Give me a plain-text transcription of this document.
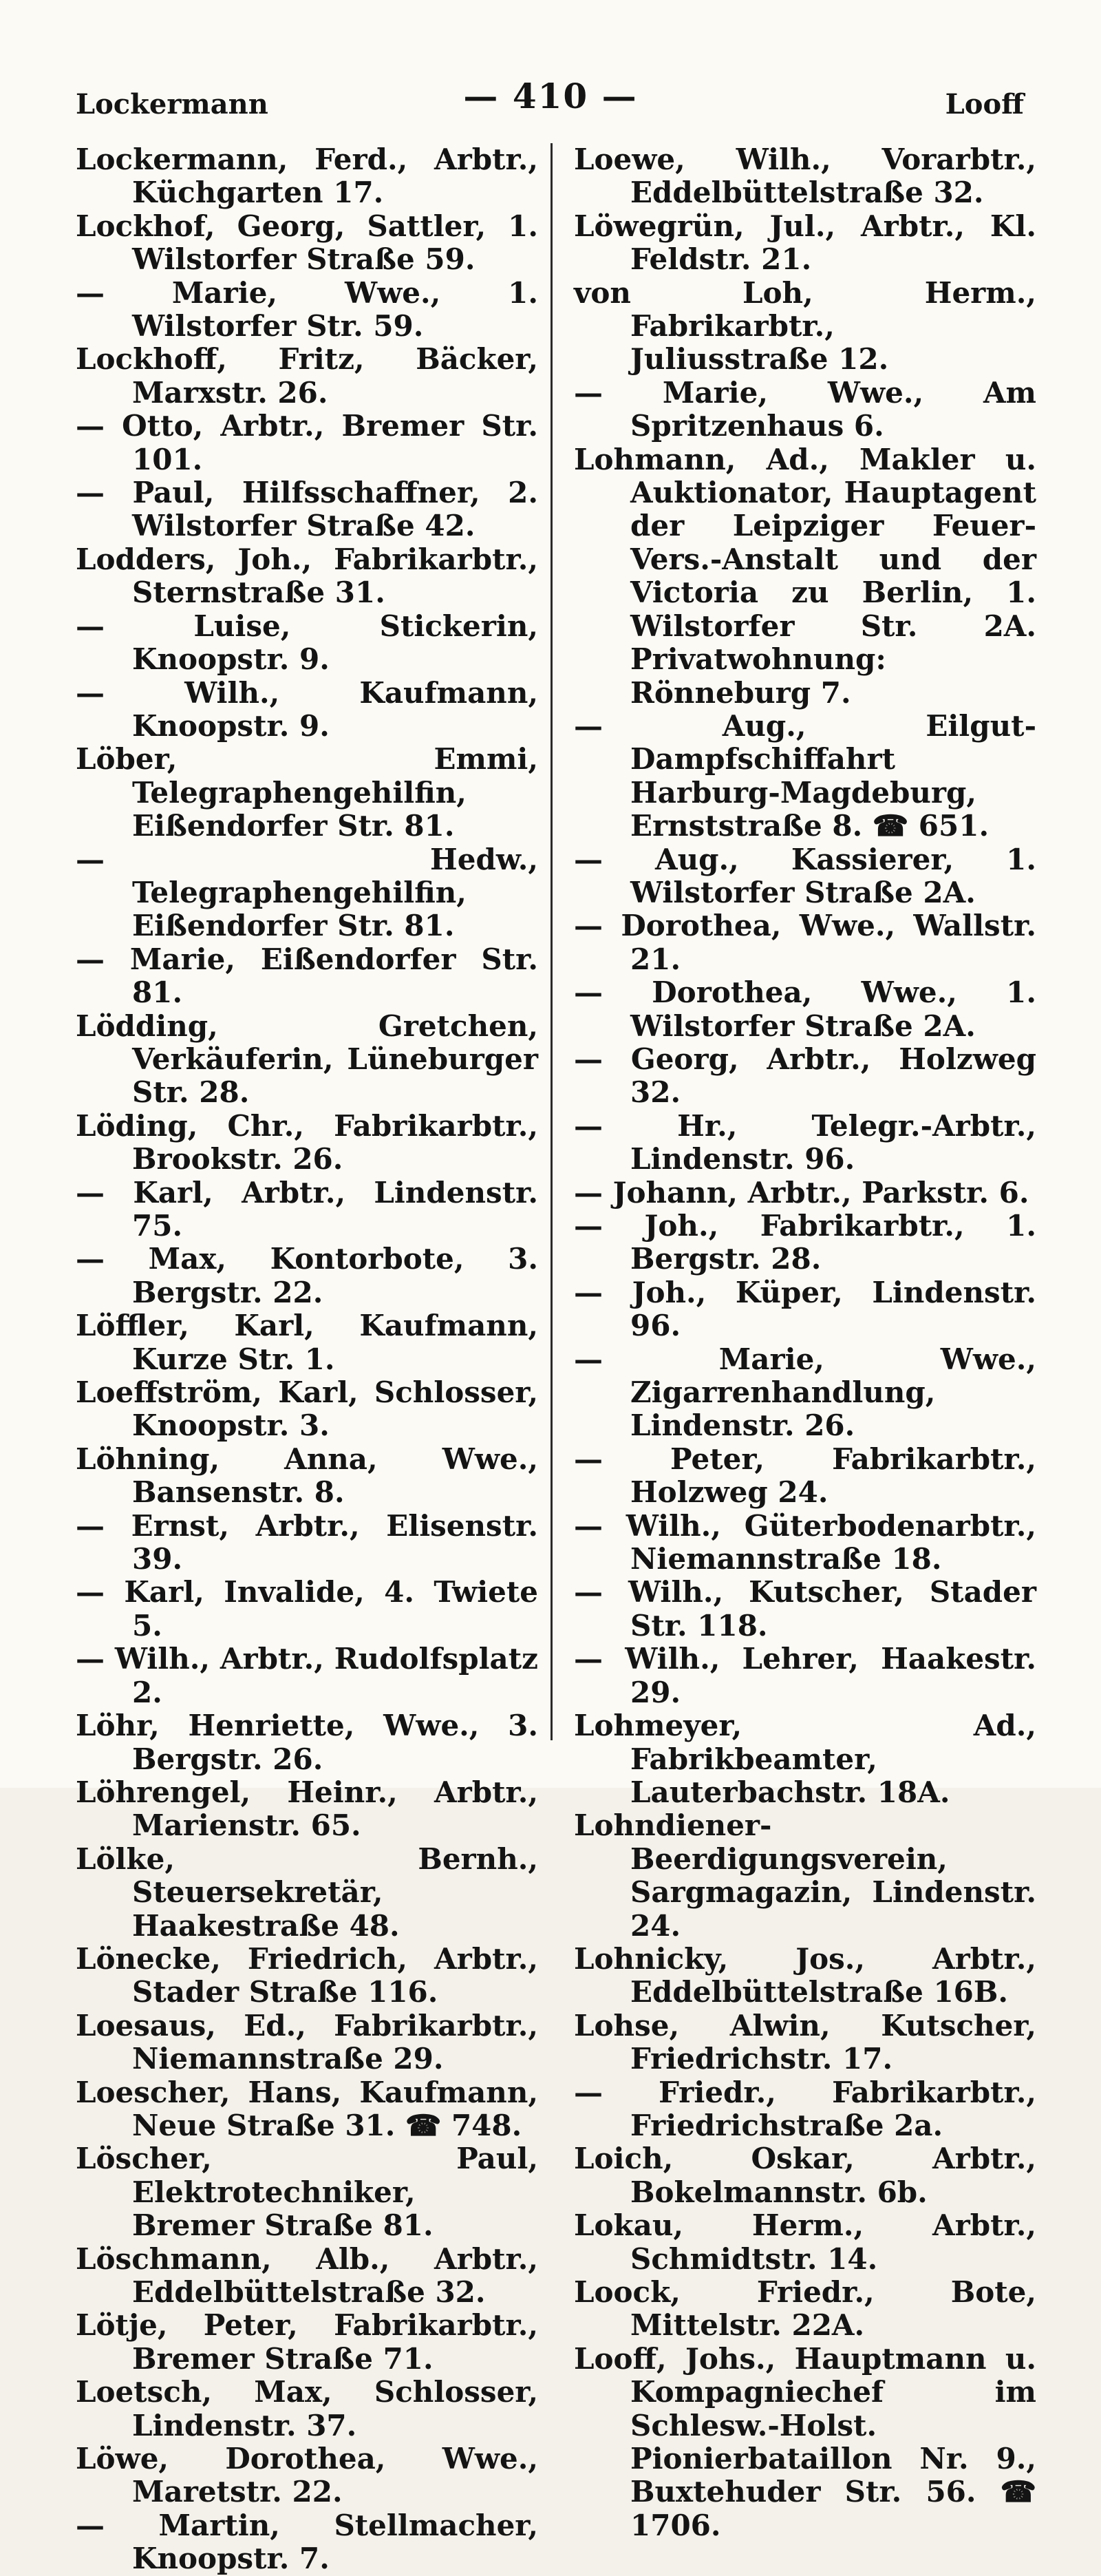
Lockermann	— 410 —	Looff

Lockermann, Ferd., Arbtr., Küchgarten 17.

Lockhof, Georg, Sattler, 1. Wilstorfer Straße 59.

— Marie, Wwe., 1. Wilstorfer Str. 59.

Lockhoff, Fritz, Bäcker, Marxstr. 26.

— Otto, Arbtr., Bremer Str. 101.

— Paul, Hilfsschaffner, 2. Wilstorfer Straße 42.

Lodders, Joh., Fabrikarbtr., Sternstraße 31.

— Luise, Stickerin, Knoopstr. 9.

— Wilh., Kaufmann, Knoopstr. 9.

Löber, Emmi, Telegraphengehilfin, Eißendorfer Str. 81.

— Hedw., Telegraphengehilfin, Eißendorfer Str. 81.

— Marie, Eißendorfer Str. 81.

Lödding, Gretchen, Verkäuferin, Lüneburger Str. 28.

Löding, Chr., Fabrikarbtr., Brookstr. 26.

— Karl, Arbtr., Lindenstr. 75.

— Max, Kontorbote, 3. Bergstr. 22.

Löffler, Karl, Kaufmann, Kurze Str. 1.

Loeffström, Karl, Schlosser, Knoopstr. 3.

Löhning, Anna, Wwe., Bansenstr. 8.

— Ernst, Arbtr., Elisenstr. 39.

— Karl, Invalide, 4. Twiete 5.

— Wilh., Arbtr., Rudolfsplatz 2.

Löhr, Henriette, Wwe., 3. Bergstr. 26.

Löhrengel, Heinr., Arbtr., Marienstr. 65.

Lölke, Bernh., Steuersekretär, Haakestraße 48.

Lönecke, Friedrich, Arbtr., Stader Straße 116.

Loesaus, Ed., Fabrikarbtr., Niemannstraße 29.

Loescher, Hans, Kaufmann, Neue Straße 31. ☎ 748.

Löscher, Paul, Elektrotechniker, Bremer Straße 81.

Löschmann, Alb., Arbtr., Eddelbüttelstraße 32.

Lötje, Peter, Fabrikarbtr., Bremer Straße 71.

Loetsch, Max, Schlosser, Lindenstr. 37.

Löwe, Dorothea, Wwe., Maretstr. 22.

— Martin, Stellmacher, Knoopstr. 7.

Loewe, Wilh., Vorarbtr., Eddelbüttelstraße 32.

Löwegrün, Jul., Arbtr., Kl. Feldstr. 21.

von Loh, Herm., Fabrikarbtr., Juliusstraße 12.

— Marie, Wwe., Am Spritzenhaus 6.

Lohmann, Ad., Makler u. Auktionator, Hauptagent der Leipziger Feuer-Vers.-Anstalt und der Victoria zu Berlin, 1. Wilstorfer Str. 2A. Privatwohnung: Rönneburg 7.

— Aug., Eilgut-Dampfschiffahrt Harburg-Magdeburg, Ernststraße 8. ☎ 651.

— Aug., Kassierer, 1. Wilstorfer Straße 2A.

— Dorothea, Wwe., Wallstr. 21.

— Dorothea, Wwe., 1. Wilstorfer Straße 2A.

— Georg, Arbtr., Holzweg 32.

— Hr., Telegr.-Arbtr., Lindenstr. 96.

— Johann, Arbtr., Parkstr. 6.

— Joh., Fabrikarbtr., 1. Bergstr. 28.

— Joh., Küper, Lindenstr. 96.

— Marie, Wwe., Zigarrenhandlung, Lindenstr. 26.

— Peter, Fabrikarbtr., Holzweg 24.

— Wilh., Güterbodenarbtr., Niemannstraße 18.

— Wilh., Kutscher, Stader Str. 118.

— Wilh., Lehrer, Haakestr. 29.

Lohmeyer, Ad., Fabrikbeamter, Lauterbachstr. 18A.

Lohndiener-Beerdigungsverein, Sargmagazin, Lindenstr. 24.

Lohnicky, Jos., Arbtr., Eddelbüttelstraße 16B.

Lohse, Alwin, Kutscher, Friedrichstr. 17.

— Friedr., Fabrikarbtr., Friedrichstraße 2a.

Loich, Oskar, Arbtr., Bokelmannstr. 6b.

Lokau, Herm., Arbtr., Schmidtstr. 14.

Loock, Friedr., Bote, Mittelstr. 22A.

Looff, Johs., Hauptmann u. Kompagniechef im Schlesw.-Holst. Pionierbataillon Nr. 9., Buxtehuder Str. 56. ☎ 1706.
